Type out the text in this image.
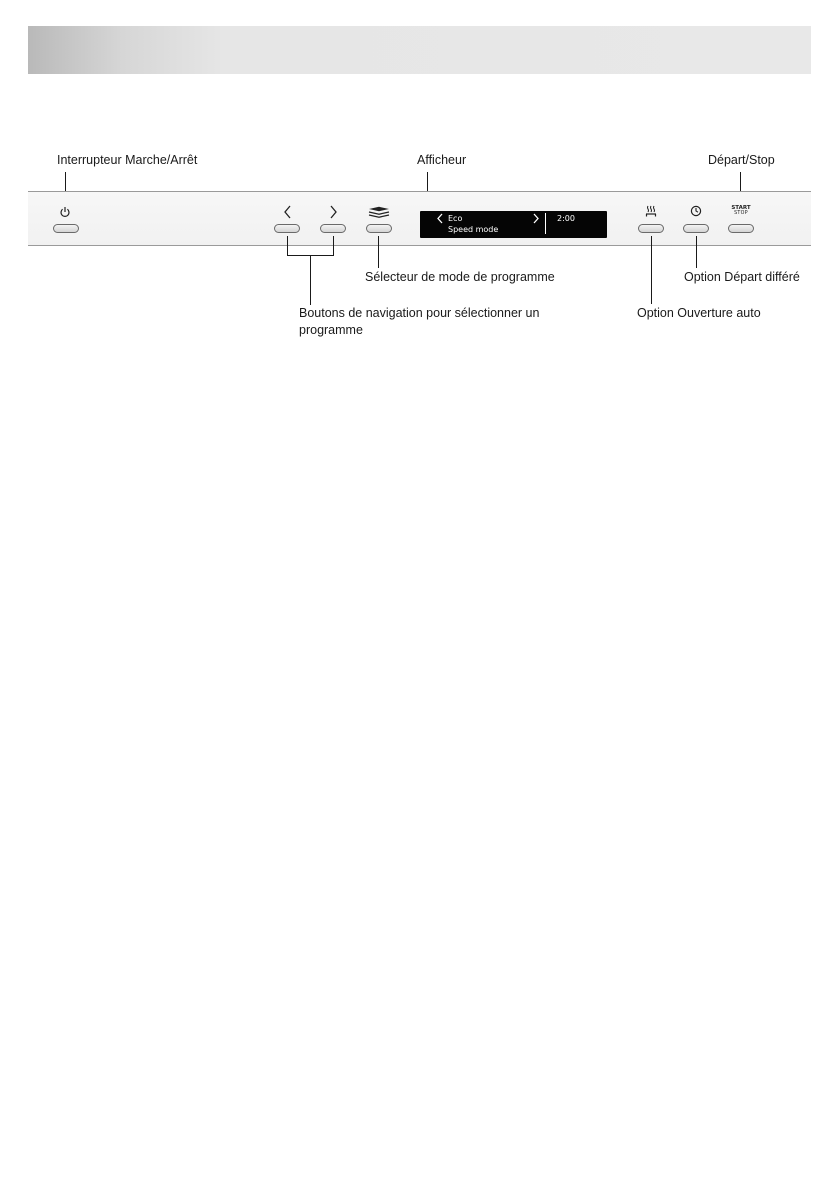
Interrupteur Marche/Arrêt	Afficheur	Départ/Stop
Eco	2:00
Speed mode
START
STOP
Sélecteur de mode de programme	Option Départ différé
Boutons de navigation pour sélectionner un programme
Option Ouverture auto
